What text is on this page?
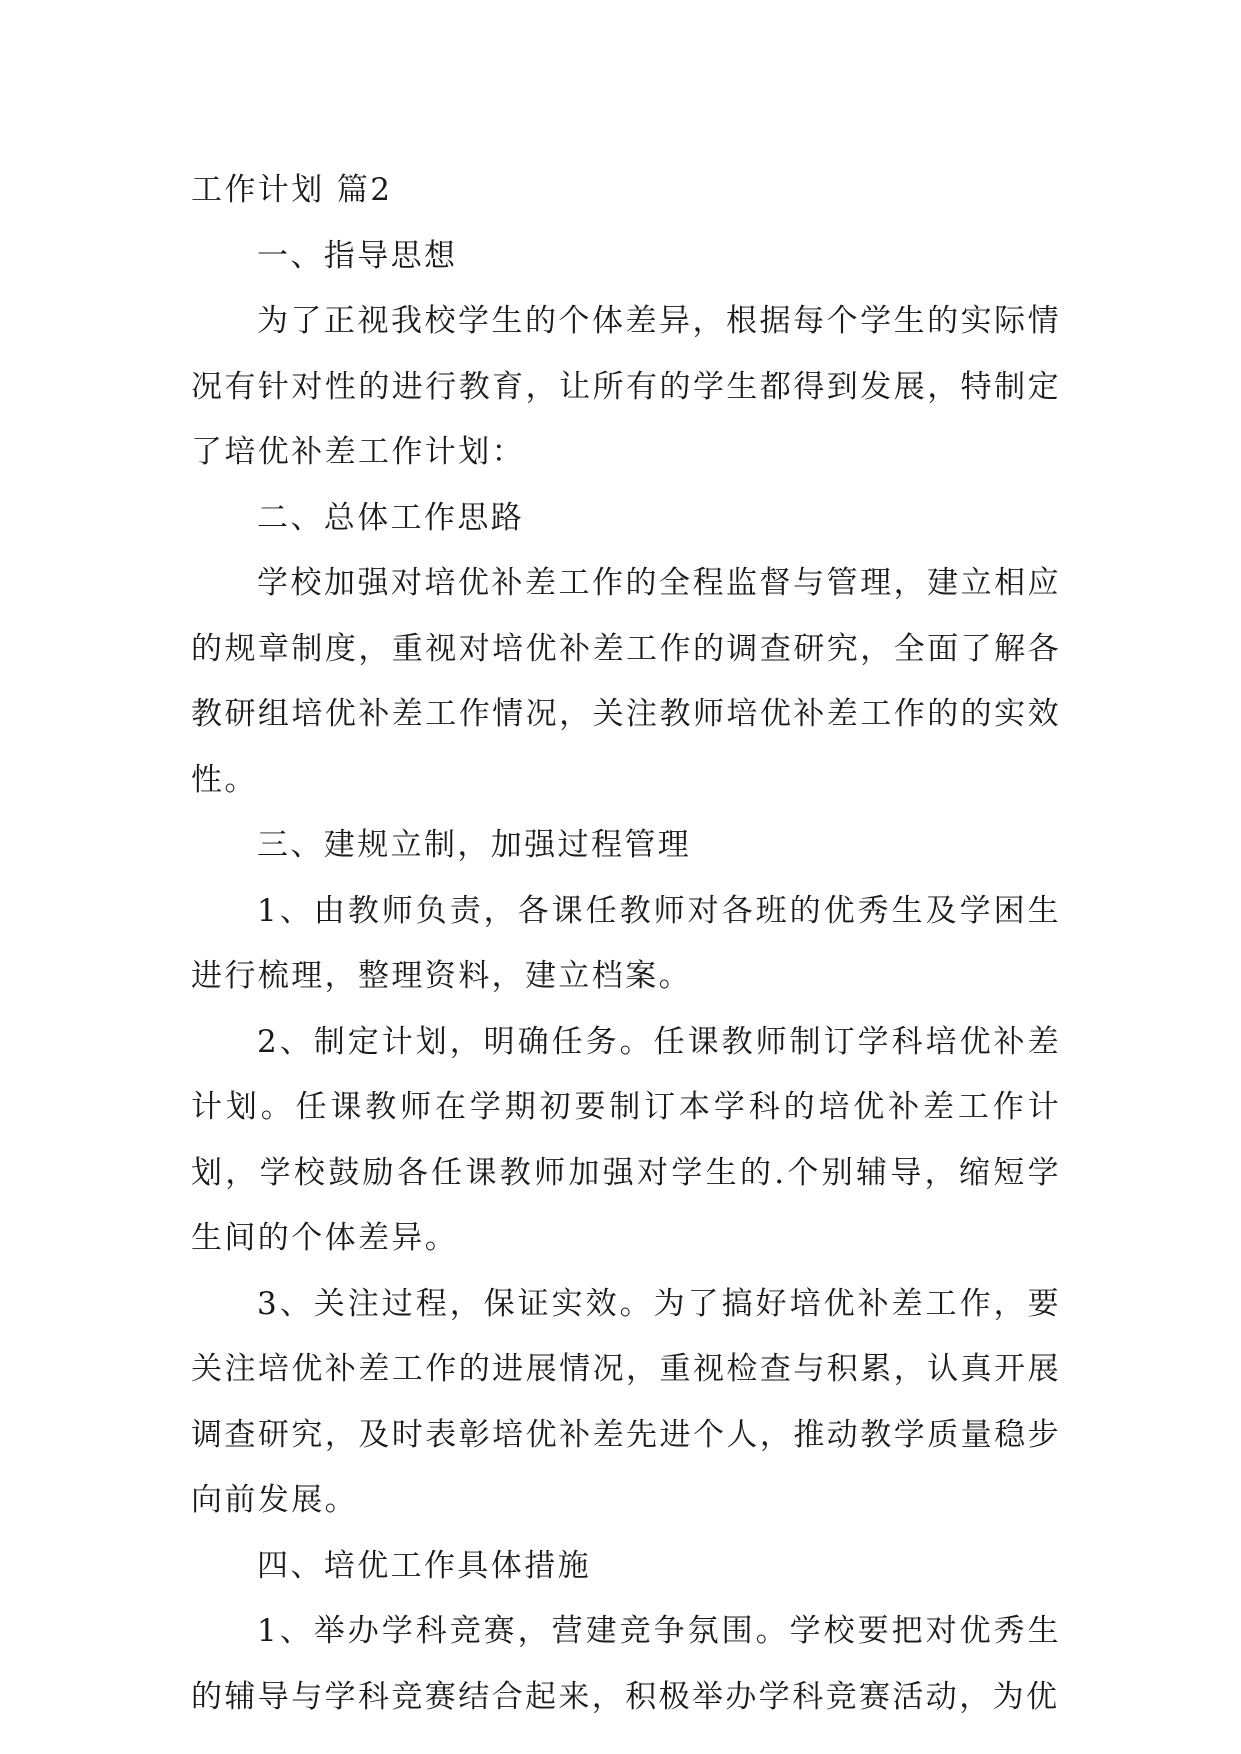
工作计划 篇2

一、指导思想

为了正视我校学生的个体差异，根据每个学生的实际情况有针对性的进行教育，让所有的学生都得到发展，特制定了培优补差工作计划：

二、总体工作思路

学校加强对培优补差工作的全程监督与管理，建立相应的规章制度，重视对培优补差工作的调查研究，全面了解各教研组培优补差工作情况，关注教师培优补差工作的的实效性。

三、建规立制，加强过程管理

1、由教师负责，各课任教师对各班的优秀生及学困生进行梳理，整理资料，建立档案。

2、制定计划，明确任务。任课教师制订学科培优补差计划。任课教师在学期初要制订本学科的培优补差工作计划，学校鼓励各任课教师加强对学生的.个别辅导，缩短学生间的个体差异。

3、关注过程，保证实效。为了搞好培优补差工作，要关注培优补差工作的进展情况，重视检查与积累，认真开展调查研究，及时表彰培优补差先进个人，推动教学质量稳步向前发展。

四、培优工作具体措施

1、举办学科竞赛，营建竞争氛围。学校要把对优秀生的辅导与学科竞赛结合起来，积极举办学科竞赛活动，为优
